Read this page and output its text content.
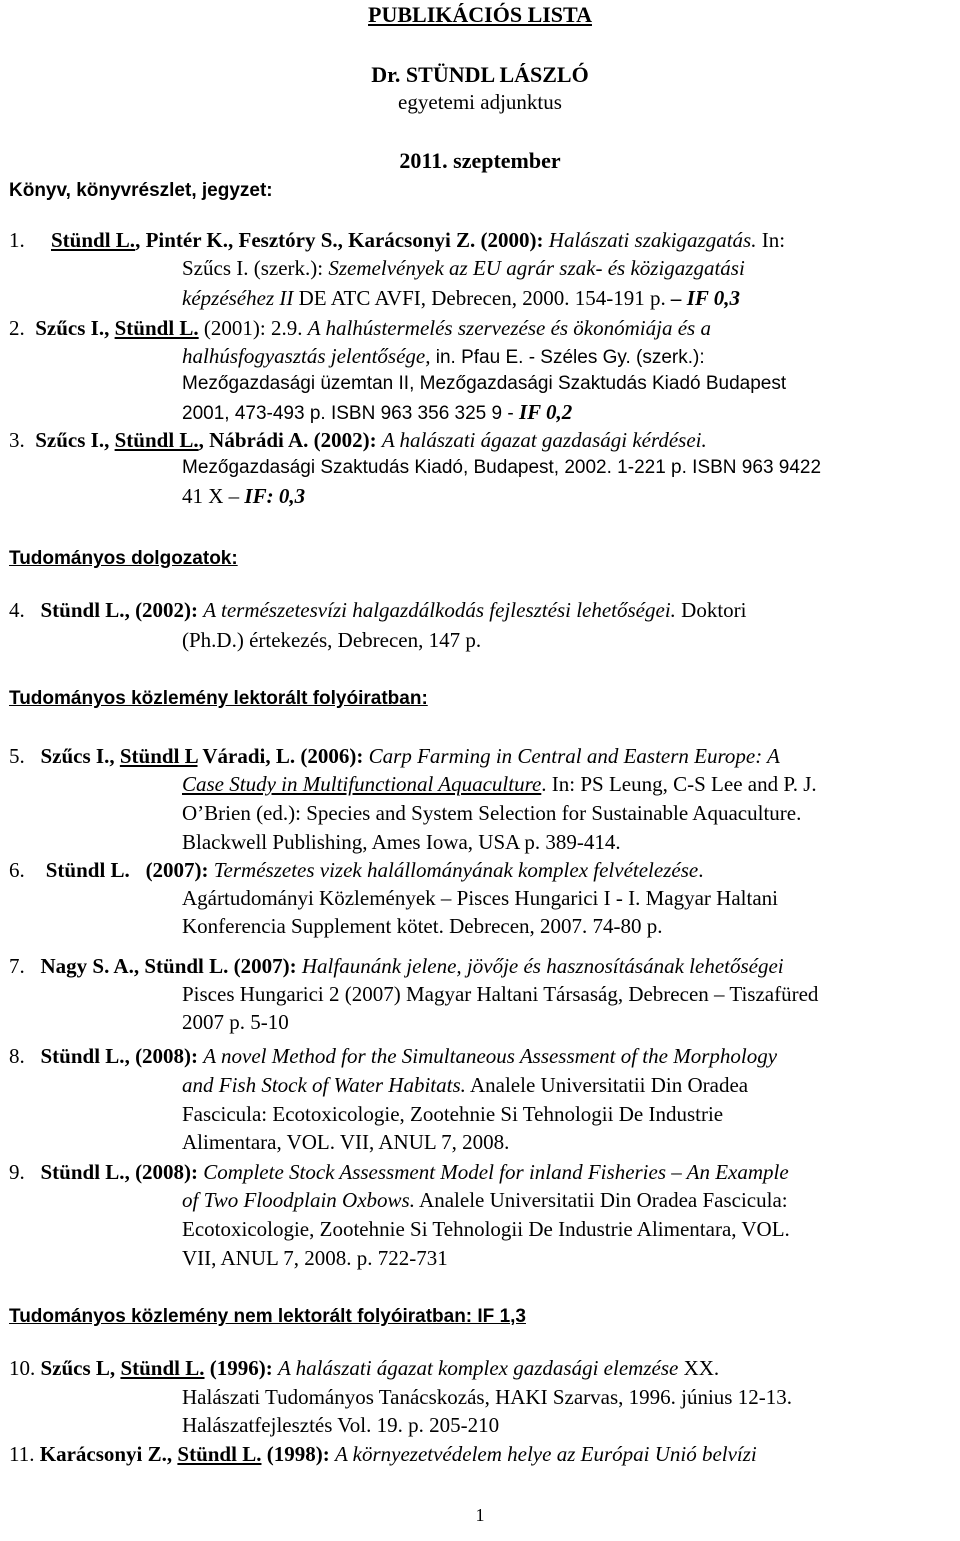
PUBLIKÁCIÓS LISTA
Dr. STÜNDL LÁSZLÓ
egyetemi adjunktus
2011. szeptember
Könyv, könyvrészlet, jegyzet:
1. Stündl L., Pintér K., Fesztóry S., Karácsonyi Z. (2000): Halászati szakigazgatás. In:
Szűcs I. (szerk.): Szemelvények az EU agrár szak- és közigazgatási
képzéséhez II DE ATC AVFI, Debrecen, 2000. 154-191 p. – IF 0,3
2. Szűcs I., Stündl L. (2001): 2.9. A halhústermelés szervezése és ökonómiája és a
halhúsfogyasztás jelentősége, in. Pfau E. - Széles Gy. (szerk.):
Mezőgazdasági üzemtan II, Mezőgazdasági Szaktudás Kiadó Budapest
2001, 473-493 p. ISBN 963 356 325 9 - IF 0,2
3. Szűcs I., Stündl L., Nábrádi A. (2002): A halászati ágazat gazdasági kérdései.
Mezőgazdasági Szaktudás Kiadó, Budapest, 2002. 1-221 p. ISBN 963 9422
41 X – IF: 0,3
Tudományos dolgozatok:
4. Stündl L., (2002): A természetesvízi halgazdálkodás fejlesztési lehetőségei. Doktori
(Ph.D.) értekezés, Debrecen, 147 p.
Tudományos közlemény lektorált folyóiratban:
5. Szűcs I., Stündl L Váradi, L. (2006): Carp Farming in Central and Eastern Europe: A
Case Study in Multifunctional Aquaculture. In: PS Leung, C-S Lee and P. J.
O’Brien (ed.): Species and System Selection for Sustainable Aquaculture.
Blackwell Publishing, Ames Iowa, USA p. 389-414.
6. Stündl L.   (2007): Természetes vizek halállományának komplex felvételezése.
Agártudományi Közlemények – Pisces Hungarici I - I. Magyar Haltani
Konferencia Supplement kötet. Debrecen, 2007. 74-80 p.
7. Nagy S. A., Stündl L. (2007): Halfaunánk jelene, jövője és hasznosításának lehetőségei
Pisces Hungarici 2 (2007) Magyar Haltani Társaság, Debrecen – Tiszafüred
2007 p. 5-10
8. Stündl L., (2008): A novel Method for the Simultaneous Assessment of the Morphology
and Fish Stock of Water Habitats. Analele Universitatii Din Oradea
Fascicula: Ecotoxicologie, Zootehnie Si Tehnologii De Industrie
Alimentara, VOL. VII, ANUL 7, 2008.
9. Stündl L., (2008): Complete Stock Assessment Model for inland Fisheries – An Example
of Two Floodplain Oxbows. Analele Universitatii Din Oradea Fascicula:
Ecotoxicologie, Zootehnie Si Tehnologii De Industrie Alimentara, VOL.
VII, ANUL 7, 2008. p. 722-731
Tudományos közlemény nem lektorált folyóiratban: IF 1,3
10. Szűcs L, Stündl L. (1996): A halászati ágazat komplex gazdasági elemzése XX.
Halászati Tudományos Tanácskozás, HAKI Szarvas, 1996. június 12-13.
Halászatfejlesztés Vol. 19. p. 205-210
11. Karácsonyi Z., Stündl L. (1998): A környezetvédelem helye az Európai Unió belvízi
1
